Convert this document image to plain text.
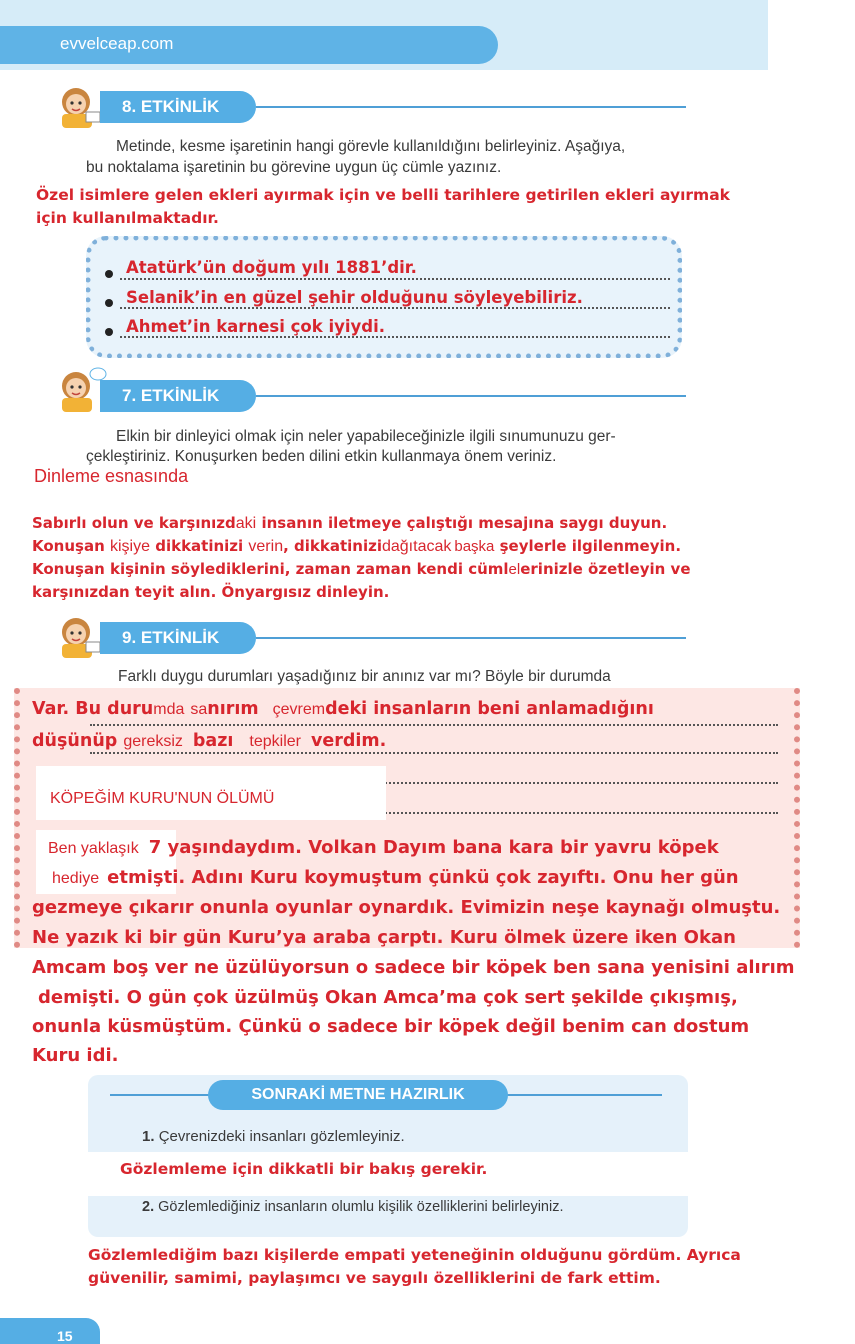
evvelceap.com
8. ETKİNLİK
Metinde, kesme işaretinin hangi görevle kullanıldığını belirleyiniz. Aşağıya,
bu noktalama işaretinin bu görevine uygun üç cümle yazınız.
Özel isimlere gelen ekleri ayırmak için ve belli tarihlere getirilen ekleri ayırmak
için kullanılmaktadır.
Atatürk’ün doğum yılı 1881’dir.
Selanik’in en güzel şehir olduğunu söyleyebiliriz.
Ahmet’in karnesi çok iyiydi.
7. ETKİNLİK
Elkin bir dinleyici olmak için neler yapabileceğinizle ilgili sınumunuzu ger-
çekleştiriniz. Konuşurken beden dilini etkin kullanmaya önem veriniz.
Dinleme esnasında
Sabırlı olun ve karşınızdaki insanın iletmeye çalıştığı mesajına saygı duyun.
Konuşan kişiye dikkatinizi verin, dikkatinizidağıtacak başka şeylerle ilgilenmeyin.
Konuşan kişinin söylediklerini, zaman zaman kendi cümlelerinizle özetleyin ve
karşınızdan teyit alın. Önyargısız dinleyin.
9. ETKİNLİK
Farklı duygu durumları yaşadığınız bir anınız var mı? Böyle bir durumda
Var. Bu durumda sanırım çevremdeki insanların beni anlamadığını
düşünüp gereksiz bazı tepkiler verdim.
KÖPEĞİM KURU'NUN ÖLÜMÜ
Ben yaklaşık 7 yaşındaydım. Volkan Dayım bana kara bir yavru köpek
hediye etmişti. Adını Kuru koymuştum çünkü çok zayıftı. Onu her gün
gezmeye çıkarır onunla oyunlar oynardık. Evimizin neşe kaynağı olmuştu.
Ne yazık ki bir gün Kuru’ya araba çarptı. Kuru ölmek üzere iken Okan
Amcam boş ver ne üzülüyorsun o sadece bir köpek ben sana yenisini alırım
demişti. O gün çok üzülmüş Okan Amca’ma çok sert şekilde çıkışmış,
onunla küsmüştüm. Çünkü o sadece bir köpek değil benim can dostum
Kuru idi.
SONRAKİ METNE HAZIRLIK
1. Çevrenizdeki insanları gözlemleyiniz.
Gözlemleme için dikkatli bir bakış gerekir.
2. Gözlemlediğiniz insanların olumlu kişilik özelliklerini belirleyiniz.
Gözlemlediğim bazı kişilerde empati yeteneğinin olduğunu gördüm. Ayrıca
güvenilir, samimi, paylaşımcı ve saygılı özelliklerini de fark ettim.
15
